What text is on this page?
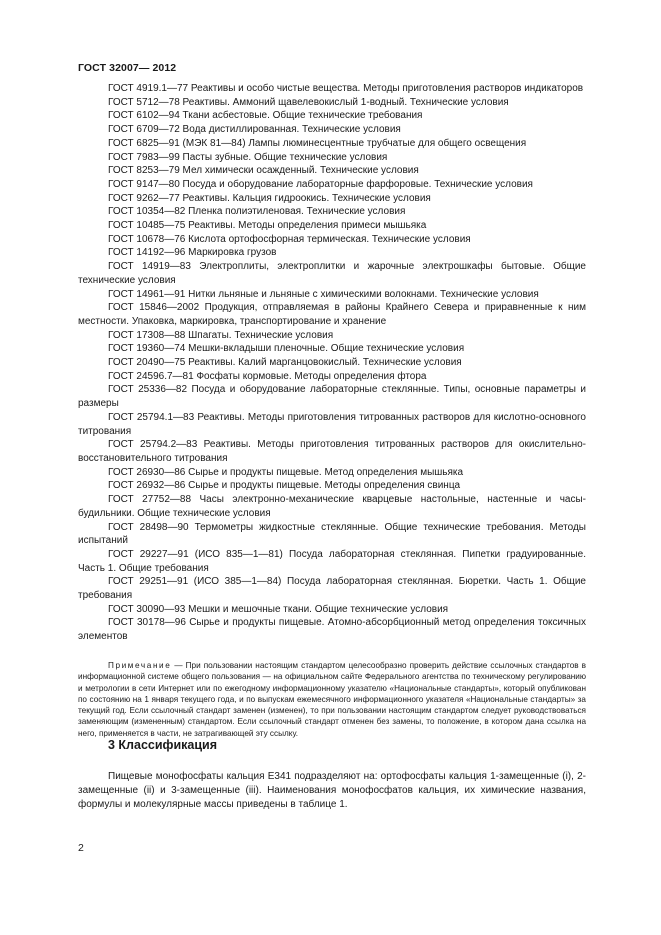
ГОСТ 32007— 2012
ГОСТ 4919.1—77 Реактивы и особо чистые вещества. Методы приготовления растворов индикаторов
ГОСТ 5712—78 Реактивы. Аммоний щавелевокислый 1-водный. Технические условия
ГОСТ 6102—94 Ткани асбестовые. Общие технические требования
ГОСТ 6709—72 Вода дистиллированная. Технические условия
ГОСТ 6825—91 (МЭК 81—84) Лампы люминесцентные трубчатые для общего освещения
ГОСТ 7983—99 Пасты зубные. Общие технические условия
ГОСТ 8253—79 Мел химически осажденный. Технические условия
ГОСТ 9147—80 Посуда и оборудование лабораторные фарфоровые. Технические условия
ГОСТ 9262—77 Реактивы. Кальция гидроокись. Технические условия
ГОСТ 10354—82 Пленка полиэтиленовая. Технические условия
ГОСТ 10485—75 Реактивы. Методы определения примеси мышьяка
ГОСТ 10678—76 Кислота ортофосфорная термическая. Технические условия
ГОСТ 14192—96 Маркировка грузов
ГОСТ 14919—83 Электроплиты, электроплитки и жарочные электрошкафы бытовые. Общие технические условия
ГОСТ 14961—91 Нитки льняные и льняные с химическими волокнами. Технические условия
ГОСТ 15846—2002 Продукция, отправляемая в районы Крайнего Севера и приравненные к ним местности. Упаковка, маркировка, транспортирование и хранение
ГОСТ 17308—88 Шпагаты. Технические условия
ГОСТ 19360—74 Мешки-вкладыши пленочные. Общие технические условия
ГОСТ 20490—75 Реактивы. Калий марганцовокислый. Технические условия
ГОСТ 24596.7—81 Фосфаты кормовые. Методы определения фтора
ГОСТ 25336—82 Посуда и оборудование лабораторные стеклянные. Типы, основные параметры и размеры
ГОСТ 25794.1—83 Реактивы. Методы приготовления титрованных растворов для кислотно-основного титрования
ГОСТ 25794.2—83 Реактивы. Методы приготовления титрованных растворов для окислительно-восстановительного титрования
ГОСТ 26930—86 Сырье и продукты пищевые. Метод определения мышьяка
ГОСТ 26932—86 Сырье и продукты пищевые. Методы определения свинца
ГОСТ 27752—88 Часы электронно-механические кварцевые настольные, настенные и часы-будильники. Общие технические условия
ГОСТ 28498—90 Термометры жидкостные стеклянные. Общие технические требования. Методы испытаний
ГОСТ 29227—91 (ИСО 835—1—81) Посуда лабораторная стеклянная. Пипетки градуированные. Часть 1. Общие требования
ГОСТ 29251—91 (ИСО 385—1—84) Посуда лабораторная стеклянная. Бюретки. Часть 1. Общие требования
ГОСТ 30090—93 Мешки и мешочные ткани. Общие технические условия
ГОСТ 30178—96 Сырье и продукты пищевые. Атомно-абсорбционный метод определения токсичных элементов
Примечание — При пользовании настоящим стандартом целесообразно проверить действие ссылочных стандартов в информационной системе общего пользования — на официальном сайте Федерального агентства по техническому регулированию и метрологии в сети Интернет или по ежегодному информационному указателю «Национальные стандарты», который опубликован по состоянию на 1 января текущего года, и по выпускам ежемесячного информационного указателя «Национальные стандарты» за текущий год. Если ссылочный стандарт заменен (изменен), то при пользовании настоящим стандартом следует руководствоваться заменяющим (измененным) стандартом. Если ссылочный стандарт отменен без замены, то положение, в котором дана ссылка на него, применяется в части, не затрагивающей эту ссылку.
3 Классификация

Пищевые монофосфаты кальция Е341 подразделяют на: ортофосфаты кальция 1-замещенные (i), 2-замещенные (ii) и 3-замещенные (iii). Наименования монофосфатов кальция, их химические названия, формулы и молекулярные массы приведены в таблице 1.

2
